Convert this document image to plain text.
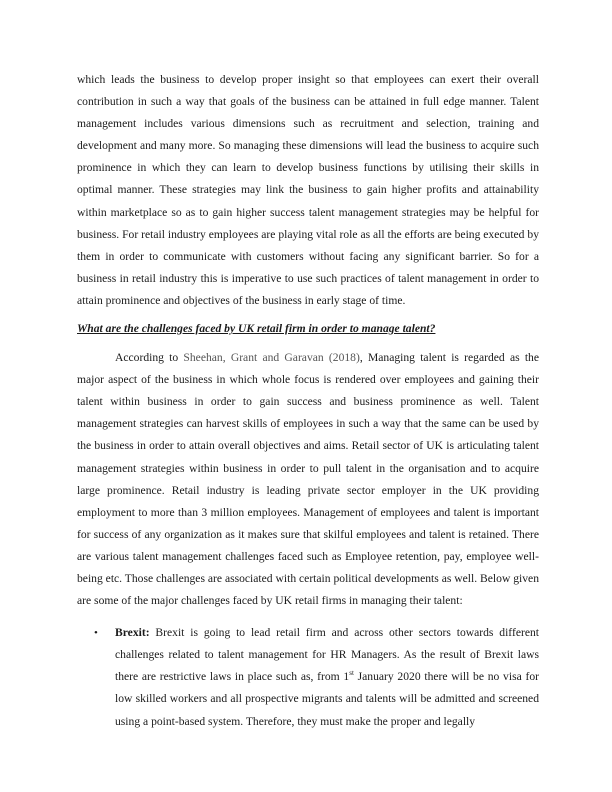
which leads the business to develop proper insight so that employees can exert their overall contribution in such a way that goals of the business can be attained in full edge manner. Talent management includes various dimensions such as recruitment and selection, training and development and many more. So managing these dimensions will lead the business to acquire such prominence in which they can learn to develop business functions by utilising their skills in optimal manner. These strategies may link the business to gain higher profits and attainability within marketplace so as to gain higher success talent management strategies may be helpful for business. For retail industry employees are playing vital role as all the efforts are being executed by them in order to communicate with customers without facing any significant barrier. So for a business in retail industry this is imperative to use such practices of talent management in order to attain prominence and objectives of the business in early stage of time.

What are the challenges faced by UK retail firm in order to manage talent?

According to Sheehan, Grant and Garavan (2018), Managing talent is regarded as the major aspect of the business in which whole focus is rendered over employees and gaining their talent within business in order to gain success and business prominence as well. Talent management strategies can harvest skills of employees in such a way that the same can be used by the business in order to attain overall objectives and aims. Retail sector of UK is articulating talent management strategies within business in order to pull talent in the organisation and to acquire large prominence. Retail industry is leading private sector employer in the UK providing employment to more than 3 million employees. Management of employees and talent is important for success of any organization as it makes sure that skilful employees and talent is retained. There are various talent management challenges faced such as Employee retention, pay, employee well-being etc. Those challenges are associated with certain political developments as well. Below given are some of the major challenges faced by UK retail firms in managing their talent:

• Brexit: Brexit is going to lead retail firm and across other sectors towards different challenges related to talent management for HR Managers. As the result of Brexit laws there are restrictive laws in place such as, from 1st January 2020 there will be no visa for low skilled workers and all prospective migrants and talents will be admitted and screened using a point-based system. Therefore, they must make the proper and legally
